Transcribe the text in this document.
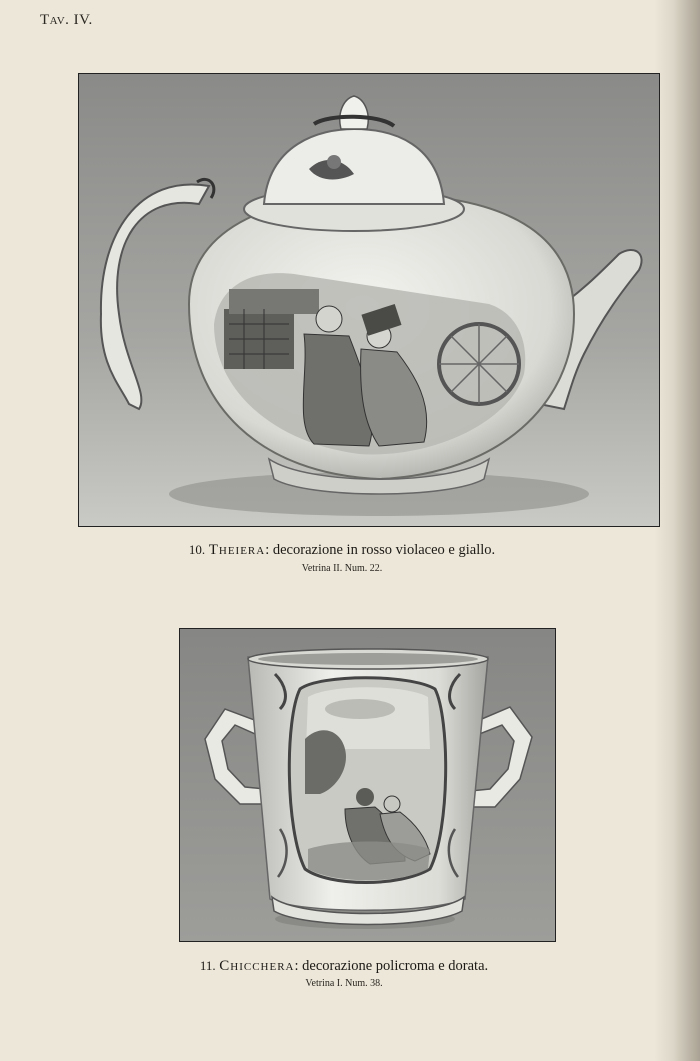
Tav. IV.

10. Theiera: decorazione in rosso violaceo e giallo.

Vetrina II. Num. 22.

11. Chicchera: decorazione policroma e dorata.

Vetrina I. Num. 38.
